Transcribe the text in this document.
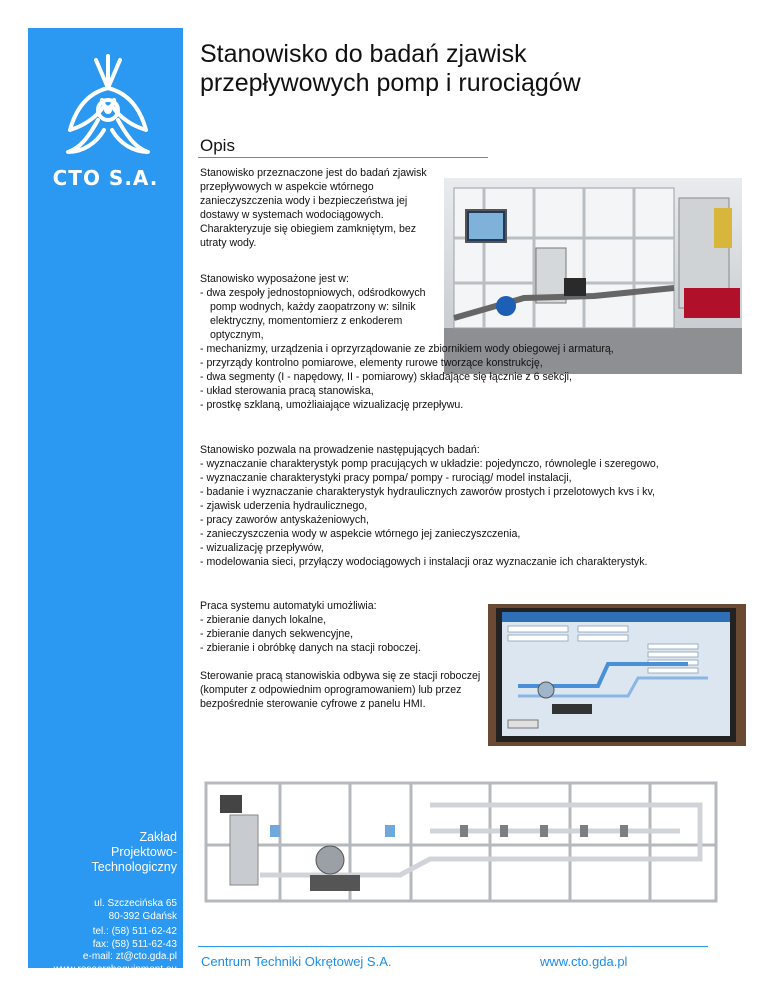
CTO S.A.
Zakład
Projektowo-Technologiczny
ul. Szczecińska 65
80-392 Gdańsk
tel.: (58) 511-62-42
fax: (58) 511-62-43
e-mail: zt@cto.gda.pl
www.researchequipment.eu
Stanowisko do badań zjawisk
przepływowych pomp i rurociągów
Opis
Stanowisko przeznaczone jest do badań zjawisk
przepływowych w aspekcie wtórnego
zanieczyszczenia wody i bezpieczeństwa jej
dostawy w systemach wodociągowych.
Charakteryzuje się obiegiem zamkniętym, bez
utraty wody.
Stanowisko wyposażone jest w:
- dwa zespoły jednostopniowych, odśrodkowych
pomp wodnych, każdy zaopatrzony w: silnik
elektryczny, momentomierz z enkoderem
optycznym,
- mechanizmy, urządzenia i oprzyrządowanie ze zbiornikiem wody obiegowej i armaturą,
- przyrządy kontrolno pomiarowe, elementy rurowe tworzące konstrukcję,
- dwa segmenty (I - napędowy, II - pomiarowy) składające się łącznie z 6 sekcji,
- układ sterowania pracą stanowiska,
- prostkę szklaną, umożliaiające wizualizację przepływu.
Stanowisko pozwala na prowadzenie następujących badań:
- wyznaczanie charakterystyk pomp pracujących w układzie: pojedynczo, równolegle i szeregowo,
- wyznaczanie charakterystyki pracy pompa/ pompy - rurociąg/ model instalacji,
- badanie i wyznaczanie charakterystyk hydraulicznych zaworów prostych i przelotowych kvs i kv,
- zjawisk uderzenia hydraulicznego,
- pracy zaworów antyskażeniowych,
- zanieczyszczenia wody w aspekcie wtórnego jej zanieczyszczenia,
- wizualizację przepływów,
- modelowania sieci, przyłączy wodociągowych i instalacji oraz wyznaczanie ich charakterystyk.
Praca systemu automatyki umożliwia:
- zbieranie danych lokalne,
- zbieranie danych sekwencyjne,
- zbieranie i obróbkę danych na stacji roboczej.
Sterowanie pracą stanowiskia odbywa się ze stacji roboczej
(komputer z odpowiednim oprogramowaniem) lub przez
bezpośrednie sterowanie cyfrowe z panelu HMI.
Centrum Techniki Okrętowej S.A.	www.cto.gda.pl
